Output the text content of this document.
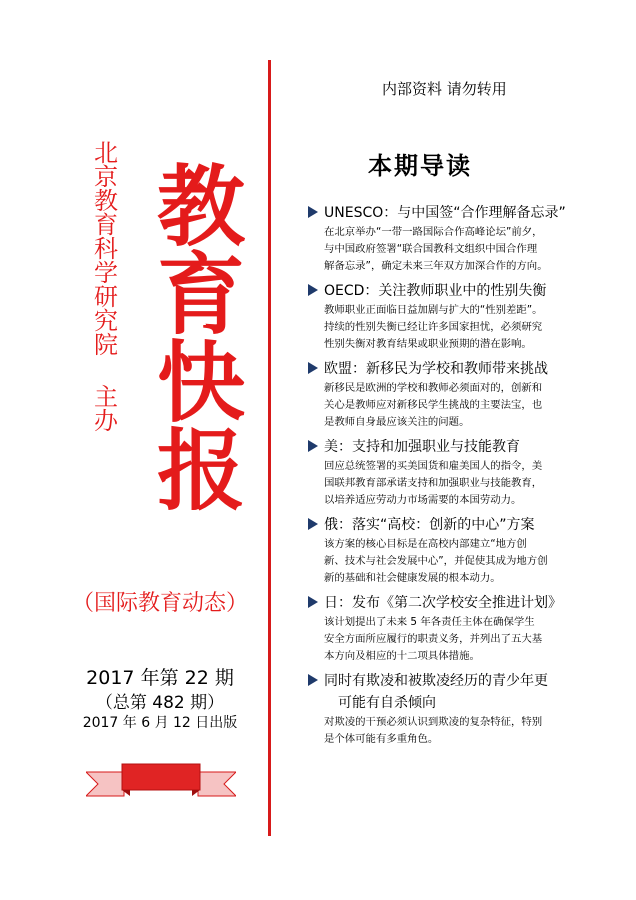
北京教育科学研究院
主办 教育快报
（国际教育动态）
2017 年第 22 期
（总第 482 期）
2017 年 6 月 12 日出版
内部资料 请勿转用
本期导读
UNESCO：与中国签“合作理解备忘录”
在北京举办“一带一路国际合作高峰论坛”前夕，
与中国政府签署“联合国教科文组织中国合作理
解备忘录”，确定未来三年双方加深合作的方向。
OECD：关注教师职业中的性别失衡
教师职业正面临日益加剧与扩大的“性别差距”。
持续的性别失衡已经让许多国家担忧，必须研究
性别失衡对教育结果或职业预期的潜在影响。
欧盟：新移民为学校和教师带来挑战
新移民是欧洲的学校和教师必须面对的，创新和
关心是教师应对新移民学生挑战的主要法宝，也
是教师自身最应该关注的问题。
美：支持和加强职业与技能教育
回应总统签署的买美国货和雇美国人的指令，美
国联邦教育部承诺支持和加强职业与技能教育，
以培养适应劳动力市场需要的本国劳动力。
俄：落实“高校：创新的中心”方案
该方案的核心目标是在高校内部建立“地方创
新、技术与社会发展中心”，并促使其成为地方创
新的基础和社会健康发展的根本动力。
日：发布《第二次学校安全推进计划》
该计划提出了未来 5 年各责任主体在确保学生
安全方面所应履行的职责义务，并列出了五大基
本方向及相应的十二项具体措施。
同时有欺凌和被欺凌经历的青少年更
可能有自杀倾向
对欺凌的干预必须认识到欺凌的复杂特征，特别
是个体可能有多重角色。
